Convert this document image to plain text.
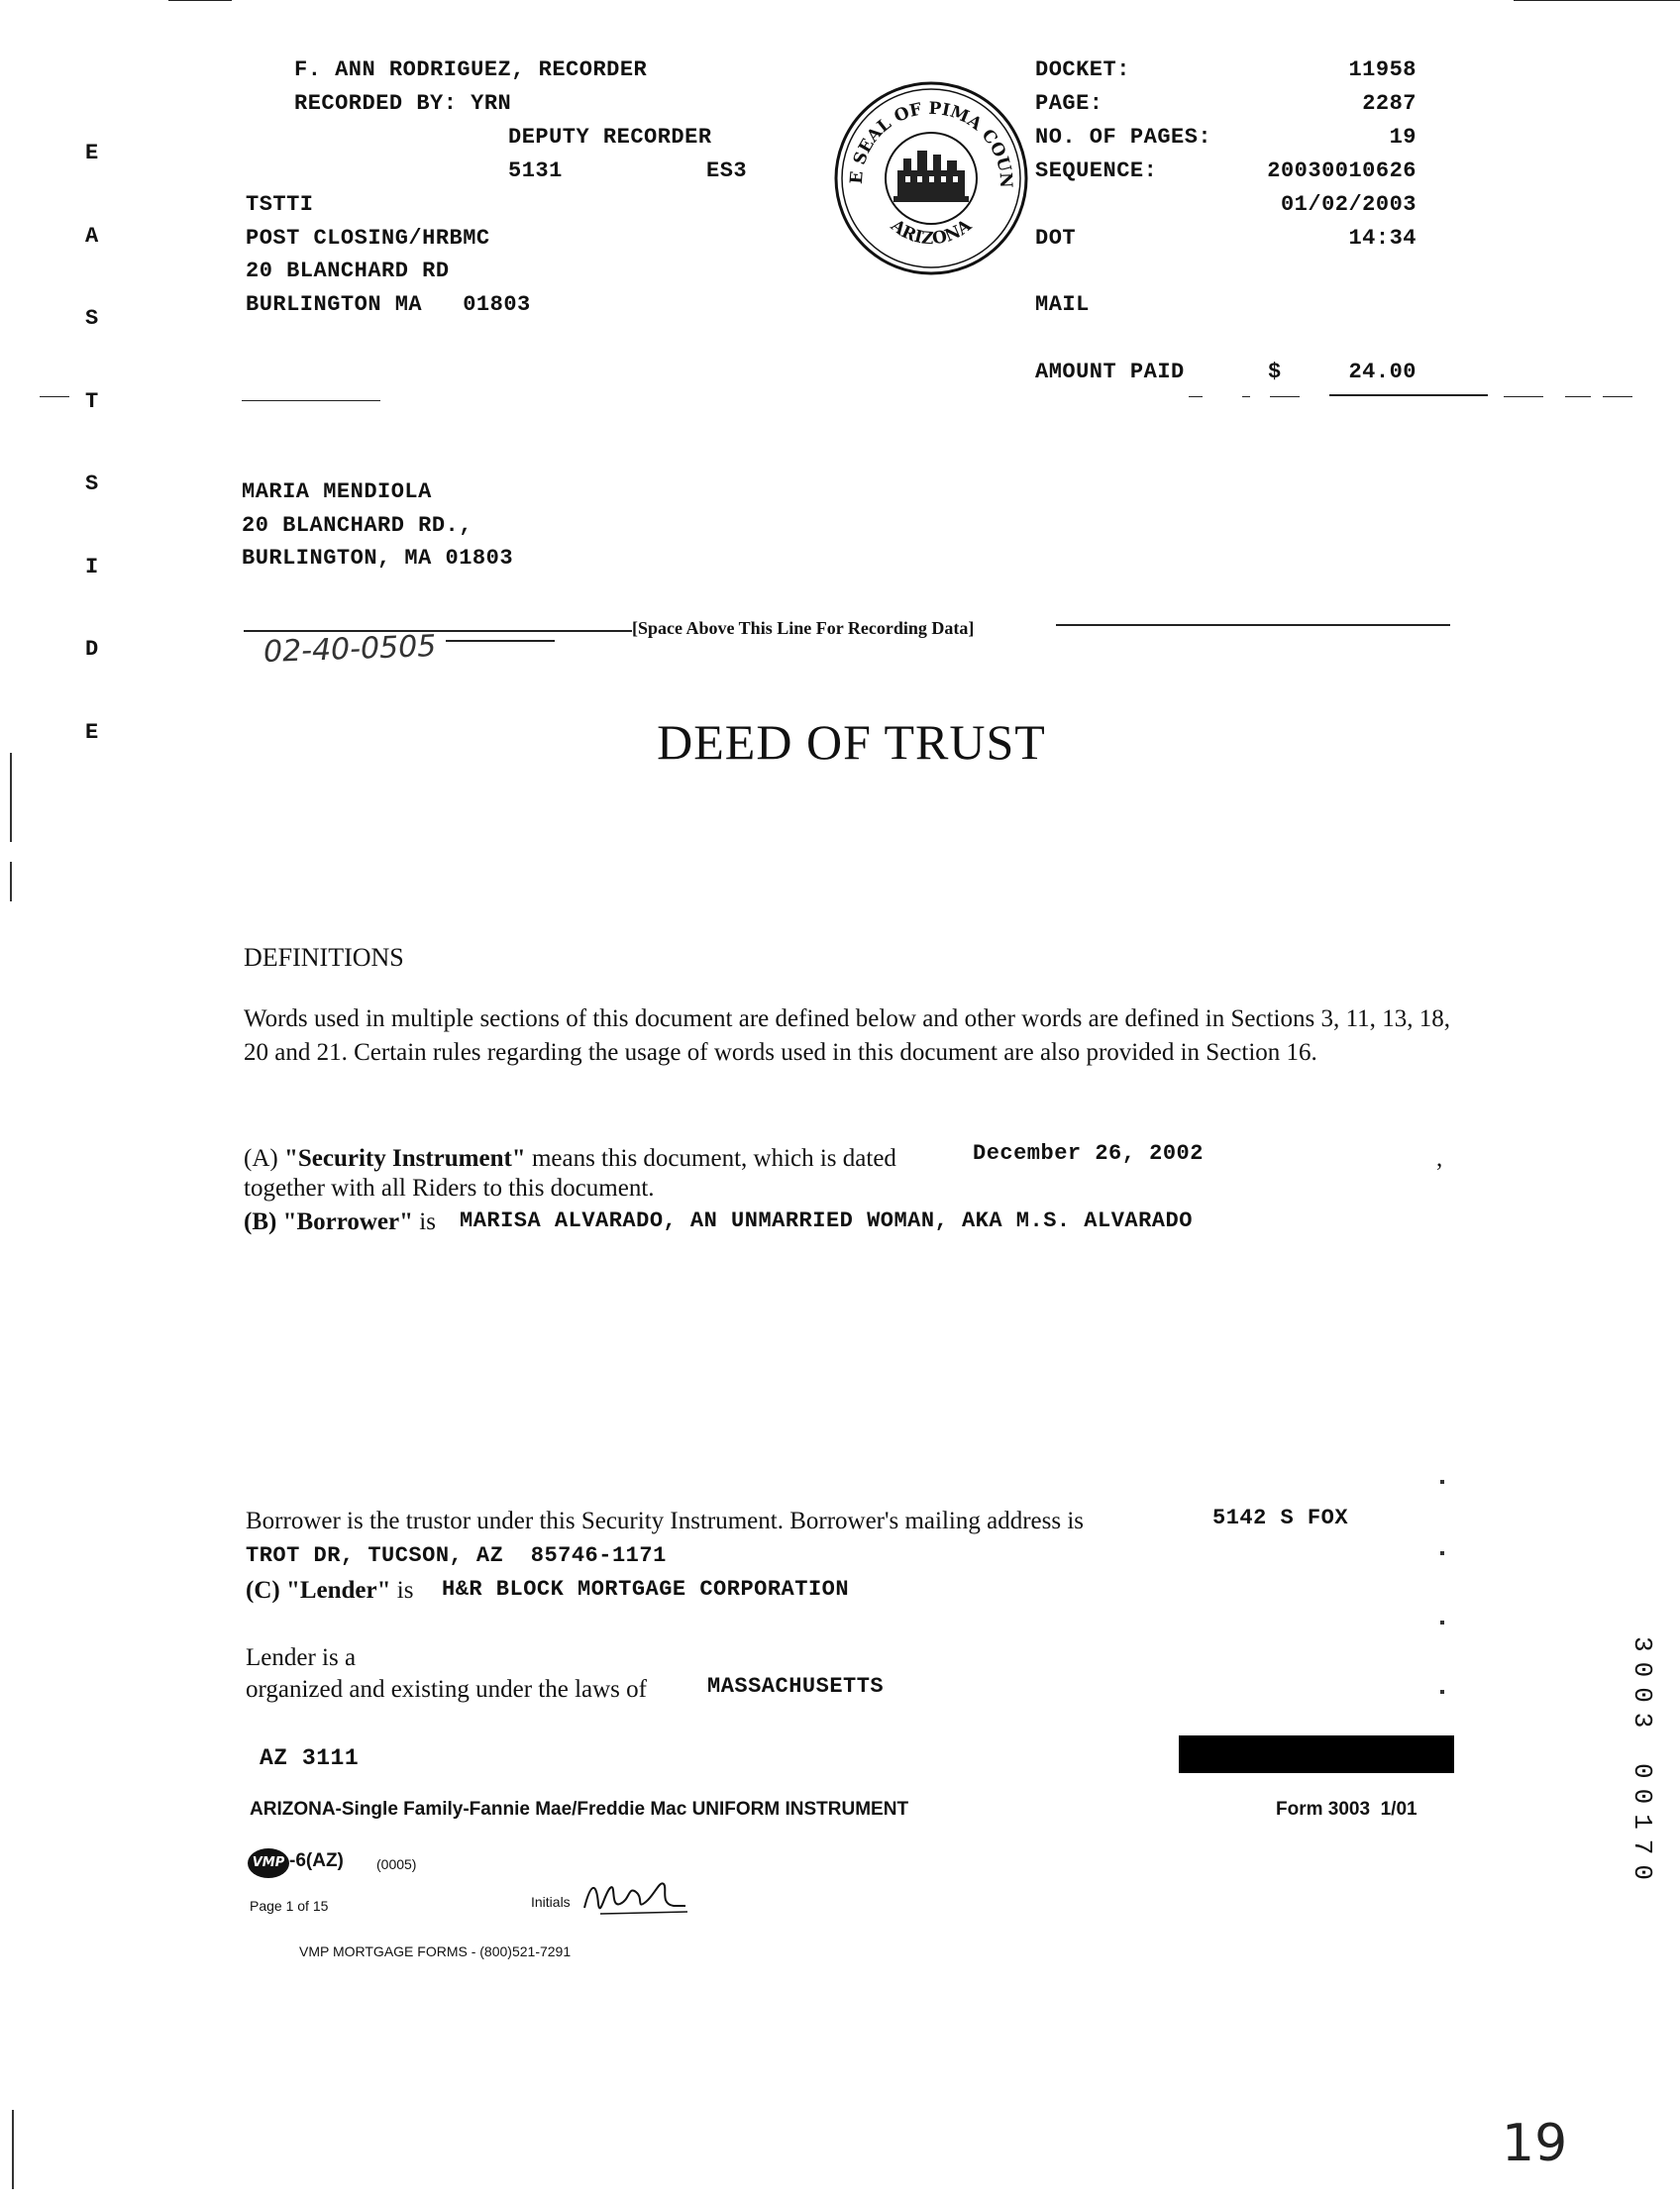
E

A

S

T

S

I

D

E

F. ANN RODRIGUEZ, RECORDER
RECORDED BY: YRN
DEPUTY RECORDER
5131	ES3
TSTTI
POST CLOSING/HRBMC
20 BLANCHARD RD
BURLINGTON MA   01803

E SEAL OF PIMA COUN
ARIZONA

DOCKET:	11958
PAGE:	2287
NO. OF PAGES:	19
SEQUENCE:	20030010626
01/02/2003
DOT	14:34
MAIL
AMOUNT PAID	$	24.00
MARIA MENDIOLA
20 BLANCHARD RD.,
BURLINGTON, MA 01803
[Space Above This Line For Recording Data]
02-40-0505

DEED OF TRUST

DEFINITIONS
Words used in multiple sections of this document are defined below and other words are defined in Sections 3, 11, 13, 18, 20 and 21. Certain rules regarding the usage of words used in this document are also provided in Section 16.
(A) "Security Instrument" means this document, which is dated	December 26, 2002	,
together with all Riders to this document.
(B) "Borrower" is MARISA ALVARADO, AN UNMARRIED WOMAN, AKA M.S. ALVARADO
Borrower is the trustor under this Security Instrument. Borrower's mailing address is	5142 S FOX
TROT DR, TUCSON, AZ  85746-1171
(C) "Lender" is H&R BLOCK MORTGAGE CORPORATION
Lender is a
organized and existing under the laws of MASSACHUSETTS
AZ 3111
ARIZONA-Single Family-Fannie Mae/Freddie Mac UNIFORM INSTRUMENT	Form 3003  1/01
VMP -6(AZ) (0005)
Page 1 of 15	Initials
VMP MORTGAGE FORMS - (800)521-7291

3003 00170

19
